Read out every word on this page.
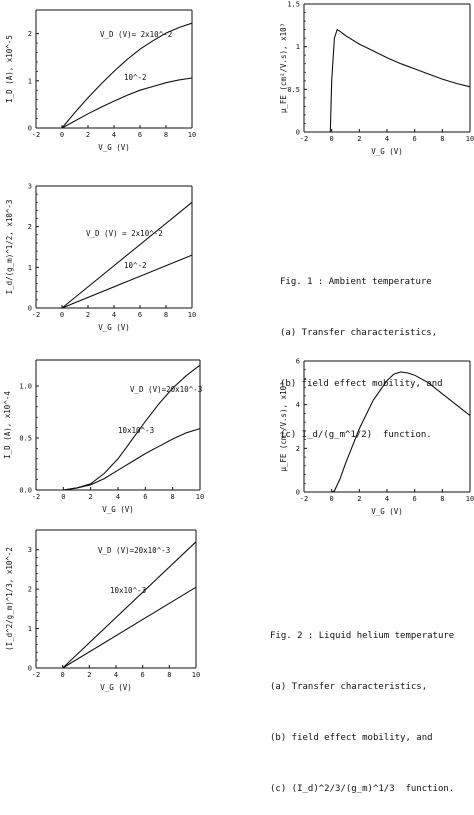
-2	0	2	4	6	8	10
0
1
2
V_G (V)
I_D (A), x10^-5
V_D (V)= 2x10^-2
10^-2
-2	0	2	4	6	8	10
0
0.5
1
1.5
V_G (V)
μ_FE (cm²/V.s), x10³
-2	0	2	4	6	8	10
0
1
2
3
V_G (V)
I_d/(g_m)^1/2, x10^-3	V_D (V) = 2x10^-2
10^-2
-2	0	2	4	6	8	10
0.0
0.5
1.0
V_G (V)
I_D (A), x10^-4
V_D (V)=20x10^-3
10x10^-3
-2	0	2	4	6	8	10
0
2
4
6
V_G (V)
μ_FE (cm²/V.s), x10³
-2	0	2	4	6	8	10
0
1
2
3
V_G (V)
(I_d^2/g_m)^1/3, x10^-2	V_D (V)=20x10^-3
10x10^-3

Fig. 1 : Ambient temperature

(a) Transfer characteristics,

(b) field effect mobility, and

(c) I_d/(g_m^1/2)  function.

Fig. 2 : Liquid helium temperature

(a) Transfer characteristics,

(b) field effect mobility, and

(c) (I_d)^2/3/(g_m)^1/3  function.
